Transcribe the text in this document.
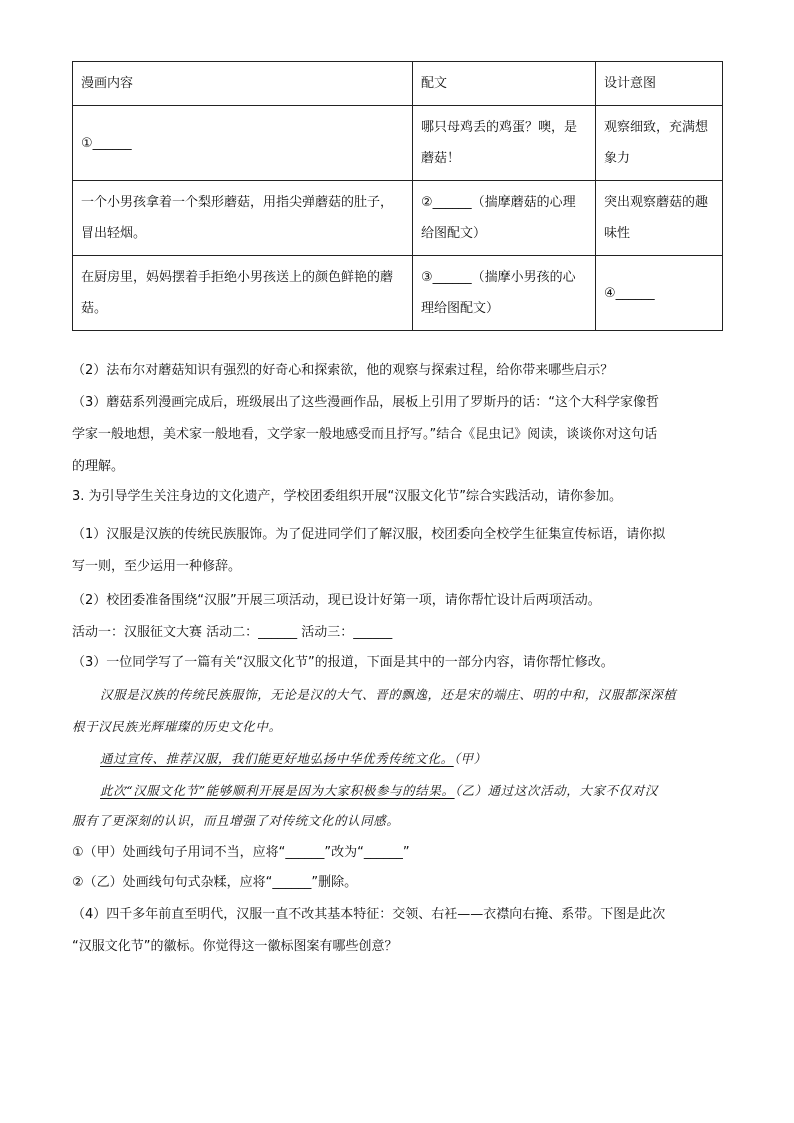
漫画内容	配文	设计意图
①______	哪只母鸡丢的鸡蛋？噢，是蘑菇！	观察细致，充满想象力
一个小男孩拿着一个梨形蘑菇，用指尖弹蘑菇的肚子，冒出轻烟。	②______（揣摩蘑菇的心理给图配文）	突出观察蘑菇的趣味性
在厨房里，妈妈摆着手拒绝小男孩送上的颜色鲜艳的蘑菇。	③______（揣摩小男孩的心理给图配文）	④______
（2）法布尔对蘑菇知识有强烈的好奇心和探索欲，他的观察与探索过程，给你带来哪些启示？
（3）蘑菇系列漫画完成后，班级展出了这些漫画作品，展板上引用了罗斯丹的话：“这个大科学家像哲
学家一般地想，美术家一般地看，文学家一般地感受而且抒写。”结合《昆虫记》阅读，谈谈你对这句话
的理解。
3. 为引导学生关注身边的文化遗产，学校团委组织开展“汉服文化节”综合实践活动，请你参加。
（1）汉服是汉族的传统民族服饰。为了促进同学们了解汉服，校团委向全校学生征集宣传标语，请你拟
写一则，至少运用一种修辞。
（2）校团委准备围绕“汉服”开展三项活动，现已设计好第一项，请你帮忙设计后两项活动。
活动一：汉服征文大赛 活动二：______ 活动三：______
（3）一位同学写了一篇有关“汉服文化节”的报道，下面是其中的一部分内容，请你帮忙修改。
汉服是汉族的传统民族服饰，无论是汉的大气、晋的飘逸，还是宋的端庄、明的中和，汉服都深深植
根于汉民族光辉璀璨的历史文化中。
通过宣传、推荐汉服，我们能更好地弘扬中华优秀传统文化。（甲）
此次“汉服文化节”能够顺利开展是因为大家积极参与的结果。（乙）通过这次活动，大家不仅对汉
服有了更深刻的认识，而且增强了对传统文化的认同感。
①（甲）处画线句子用词不当，应将“______”改为“______”
②（乙）处画线句句式杂糅，应将“______”删除。
（4）四千多年前直至明代，汉服一直不改其基本特征：交领、右衽——衣襟向右掩、系带。下图是此次
“汉服文化节”的徽标。你觉得这一徽标图案有哪些创意？
